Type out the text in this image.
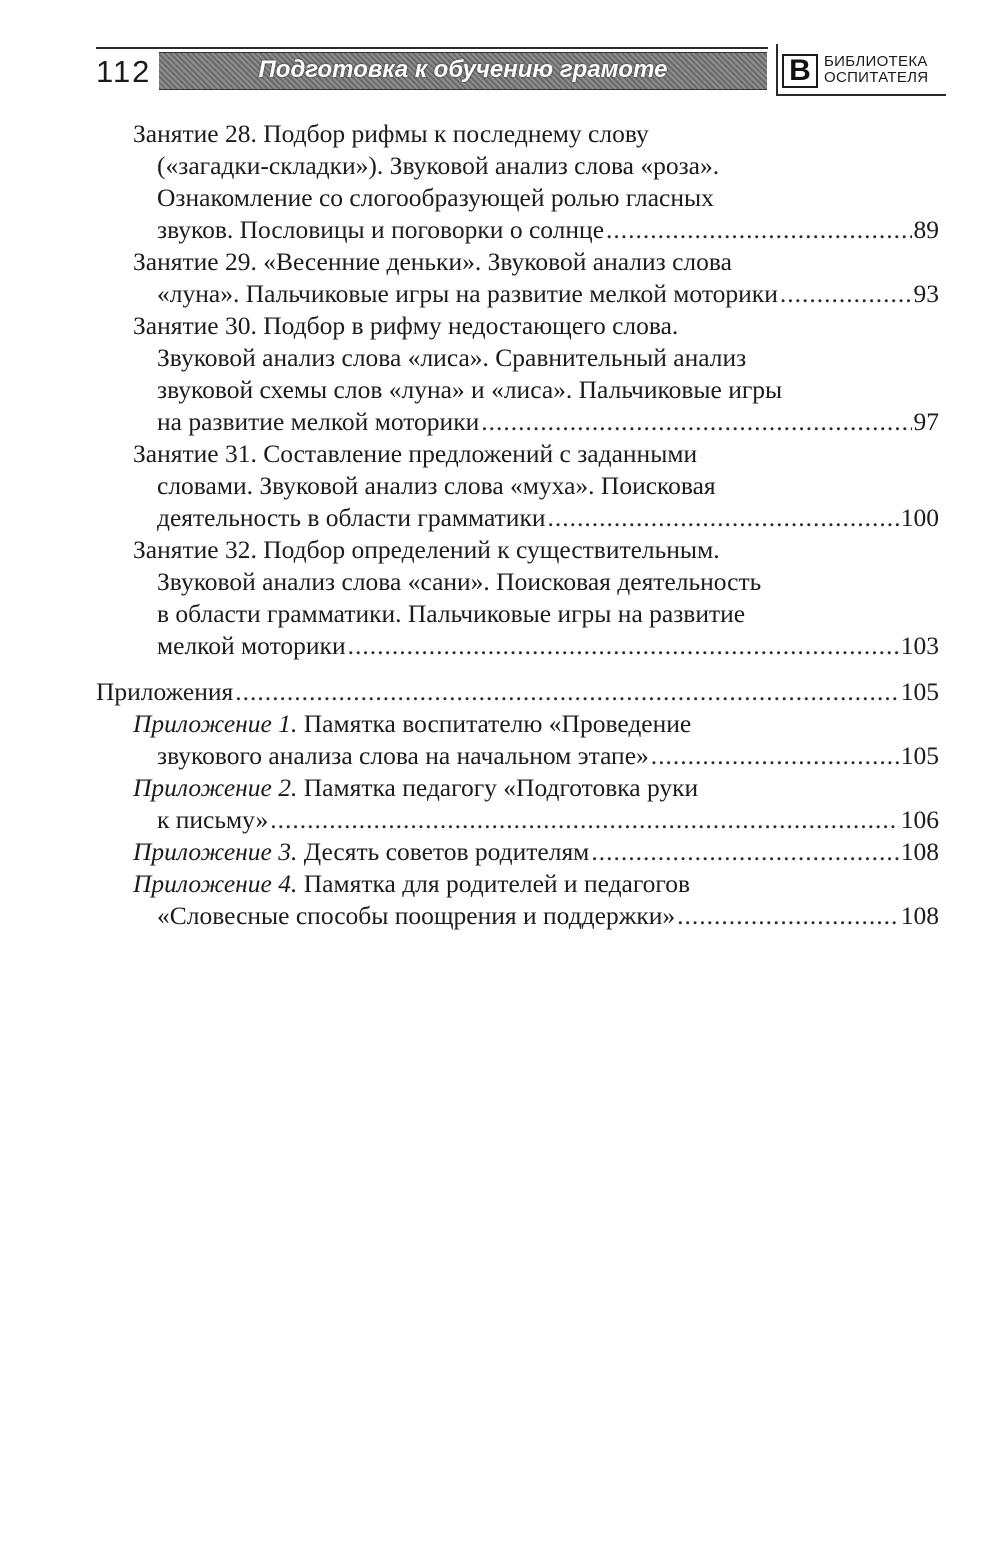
112	Подготовка к обучению грамоте	В БИБЛИОТЕКА
ОСПИТАТЕЛЯ
Занятие 28. Подбор рифмы к последнему слову
(«загадки-складки»). Звуковой анализ слова «роза».
Ознакомление со слогообразующей ролью гласных
звуков. Пословицы и поговорки о солнце .....	89
Занятие 29. «Весенние деньки». Звуковой анализ слова
«луна». Пальчиковые игры на развитие мелкой моторики .....	93
Занятие 30. Подбор в рифму недостающего слова.
Звуковой анализ слова «лиса». Сравнительный анализ
звуковой схемы слов «луна» и «лиса». Пальчиковые игры
на развитие мелкой моторики .....	97
Занятие 31. Составление предложений с заданными
словами. Звуковой анализ слова «муха». Поисковая
деятельность в области грамматики .....	100
Занятие 32. Подбор определений к существительным.
Звуковой анализ слова «сани». Поисковая деятельность
в области грамматики. Пальчиковые игры на развитие
мелкой моторики .....	103
Приложения .....	105
Приложение 1. Памятка воспитателю «Проведение
звукового анализа слова на начальном этапе» .....	105
Приложение 2. Памятка педагогу «Подготовка руки
к письму» .....	106
Приложение 3. Десять советов родителям .....	108
Приложение 4. Памятка для родителей и педагогов
«Словесные способы поощрения и поддержки» .....	108
